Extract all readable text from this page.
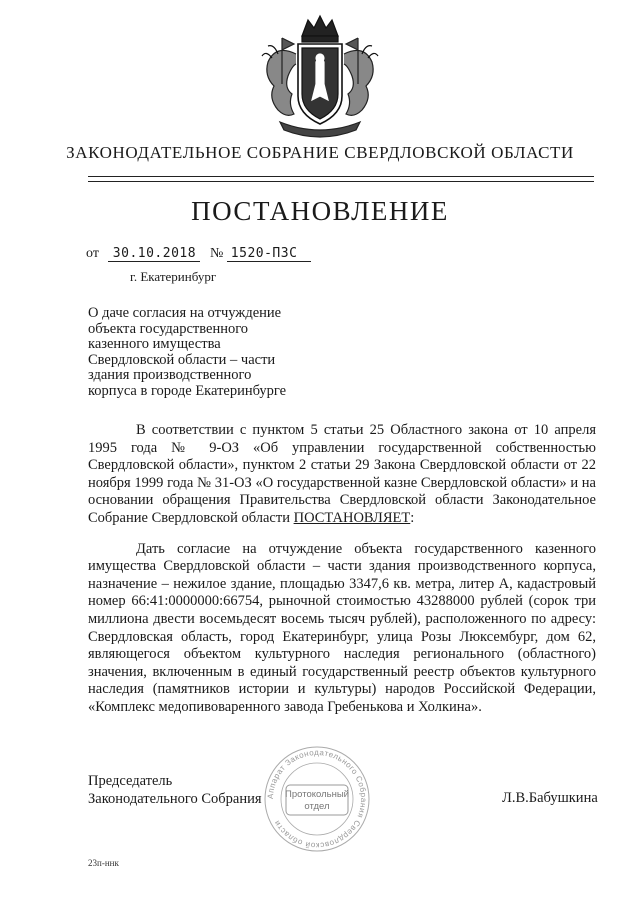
ЗАКОНОДАТЕЛЬНОЕ СОБРАНИЕ СВЕРДЛОВСКОЙ ОБЛАСТИ
ПОСТАНОВЛЕНИЕ
от 30.10.2018 № 1520-ПЗС
г. Екатеринбург
О даче согласия на отчуждение объекта государственного казенного имущества Свердловской области – части здания производственного корпуса в городе Екатеринбурге

В соответствии с пунктом 5 статьи 25 Областного закона от 10 апреля 1995 года № 9-ОЗ «Об управлении государственной собственностью Свердловской области», пунктом 2 статьи 29 Закона Свердловской области от 22 ноября 1999 года № 31-ОЗ «О государственной казне Свердловской области» и на основании обращения Правительства Свердловской области Законодательное Собрание Свердловской области ПОСТАНОВЛЯЕТ:

Дать согласие на отчуждение объекта государственного казенного имущества Свердловской области – части здания производственного корпуса, назначение – нежилое здание, площадью 3347,6 кв. метра, литер А, кадастровый номер 66:41:0000000:66754, рыночной стоимостью 43288000 рублей (сорок три миллиона двести восемьдесят восемь тысяч рублей), расположенного по адресу: Свердловская область, город Екатеринбург, улица Розы Люксембург, дом 62, являющегося объектом культурного наследия регионального (областного) значения, включенным в единый государственный реестр объектов культурного наследия (памятников истории и культуры) народов Российской Федерации, «Комплекс медопивоваренного завода Гребенькова и Холкина».

Председатель
Законодательного Собрания Аппарат Законодательного Собрания Свердловской области
Протокольный
отдел
Л.В.Бабушкина
23п-ннк
